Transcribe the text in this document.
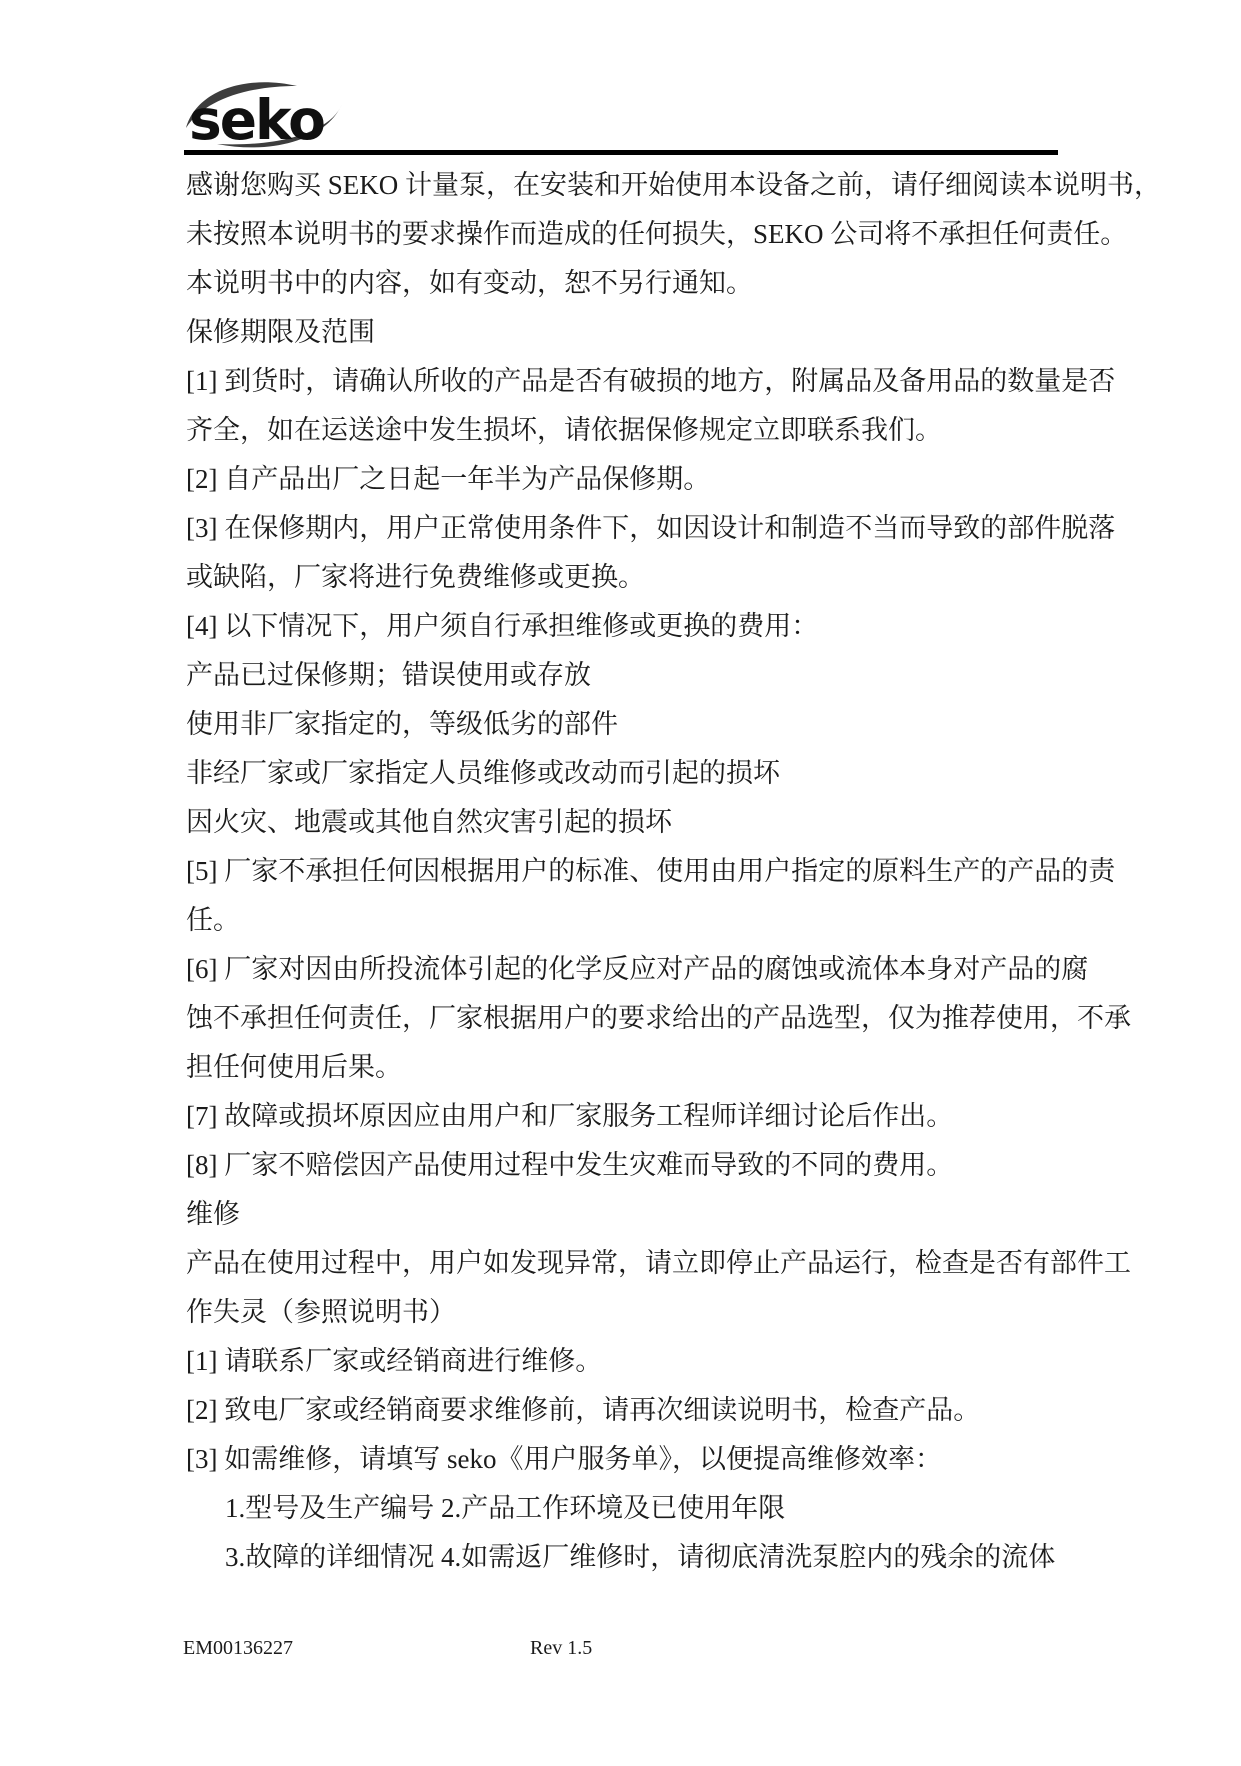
seko
感谢您购买 SEKO 计量泵，在安装和开始使用本设备之前，请仔细阅读本说明书，
未按照本说明书的要求操作而造成的任何损失，SEKO 公司将不承担任何责任。
本说明书中的内容，如有变动，恕不另行通知。
保修期限及范围
[1] 到货时，请确认所收的产品是否有破损的地方，附属品及备用品的数量是否
齐全，如在运送途中发生损坏，请依据保修规定立即联系我们。
[2] 自产品出厂之日起一年半为产品保修期。
[3] 在保修期内，用户正常使用条件下，如因设计和制造不当而导致的部件脱落
或缺陷，厂家将进行免费维修或更换。
[4] 以下情况下，用户须自行承担维修或更换的费用：
产品已过保修期；错误使用或存放
使用非厂家指定的，等级低劣的部件
非经厂家或厂家指定人员维修或改动而引起的损坏
因火灾、地震或其他自然灾害引起的损坏
[5] 厂家不承担任何因根据用户的标准、使用由用户指定的原料生产的产品的责
任。
[6] 厂家对因由所投流体引起的化学反应对产品的腐蚀或流体本身对产品的腐
蚀不承担任何责任，厂家根据用户的要求给出的产品选型，仅为推荐使用，不承
担任何使用后果。
[7] 故障或损坏原因应由用户和厂家服务工程师详细讨论后作出。
[8] 厂家不赔偿因产品使用过程中发生灾难而导致的不同的费用。
维修
产品在使用过程中，用户如发现异常，请立即停止产品运行，检查是否有部件工
作失灵（参照说明书）
[1] 请联系厂家或经销商进行维修。
[2] 致电厂家或经销商要求维修前，请再次细读说明书，检查产品。
[3] 如需维修，请填写 seko《用户服务单》，以便提高维修效率：
1.型号及生产编号 2.产品工作环境及已使用年限
3.故障的详细情况 4.如需返厂维修时，请彻底清洗泵腔内的残余的流体
EM00136227	Rev 1.5
